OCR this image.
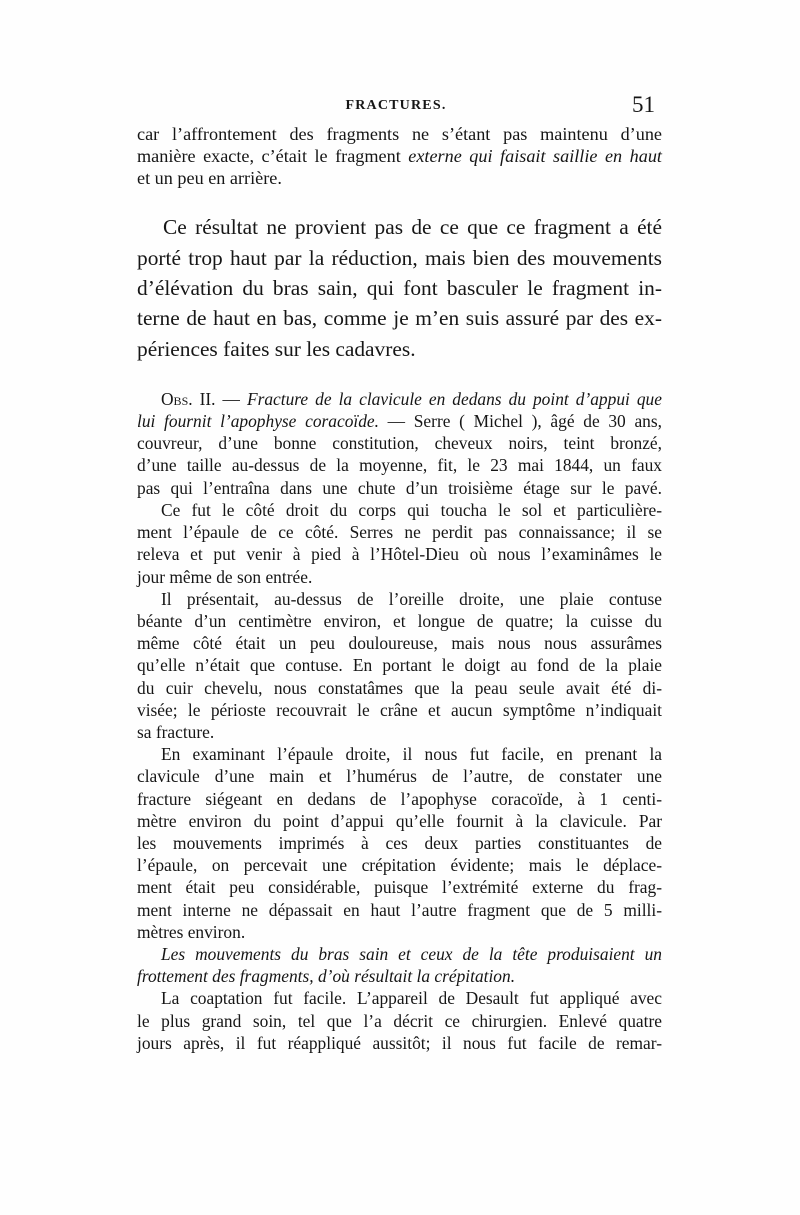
FRACTURES.	51
car l’affrontement des fragments ne s’étant pas maintenu d’une
manière exacte, c’était le fragment externe qui faisait saillie en haut
et un peu en arrière.
Ce résultat ne provient pas de ce que ce fragment a été
porté trop haut par la réduction, mais bien des mouvements
d’élévation du bras sain, qui font basculer le fragment in-
terne de haut en bas, comme je m’en suis assuré par des ex-
périences faites sur les cadavres.
Obs. II. — Fracture de la clavicule en dedans du point d’appui que
lui fournit l’apophyse coracoïde. — Serre ( Michel ), âgé de 30 ans,
couvreur, d’une bonne constitution, cheveux noirs, teint bronzé,
d’une taille au-dessus de la moyenne, fit, le 23 mai 1844, un faux
pas qui l’entraîna dans une chute d’un troisième étage sur le pavé.
Ce fut le côté droit du corps qui toucha le sol et particulière-
ment l’épaule de ce côté. Serres ne perdit pas connaissance; il se
releva et put venir à pied à l’Hôtel-Dieu où nous l’examinâmes le
jour même de son entrée.
Il présentait, au-dessus de l’oreille droite, une plaie contuse
béante d’un centimètre environ, et longue de quatre; la cuisse du
même côté était un peu douloureuse, mais nous nous assurâmes
qu’elle n’était que contuse. En portant le doigt au fond de la plaie
du cuir chevelu, nous constatâmes que la peau seule avait été di-
visée; le périoste recouvrait le crâne et aucun symptôme n’indiquait
sa fracture.
En examinant l’épaule droite, il nous fut facile, en prenant la
clavicule d’une main et l’humérus de l’autre, de constater une
fracture siégeant en dedans de l’apophyse coracoïde, à 1 centi-
mètre environ du point d’appui qu’elle fournit à la clavicule. Par
les mouvements imprimés à ces deux parties constituantes de
l’épaule, on percevait une crépitation évidente; mais le déplace-
ment était peu considérable, puisque l’extrémité externe du frag-
ment interne ne dépassait en haut l’autre fragment que de 5 milli-
mètres environ.
Les mouvements du bras sain et ceux de la tête produisaient un
frottement des fragments, d’où résultait la crépitation.
La coaptation fut facile. L’appareil de Desault fut appliqué avec
le plus grand soin, tel que l’a décrit ce chirurgien. Enlevé quatre
jours après, il fut réappliqué aussitôt; il nous fut facile de remar-
